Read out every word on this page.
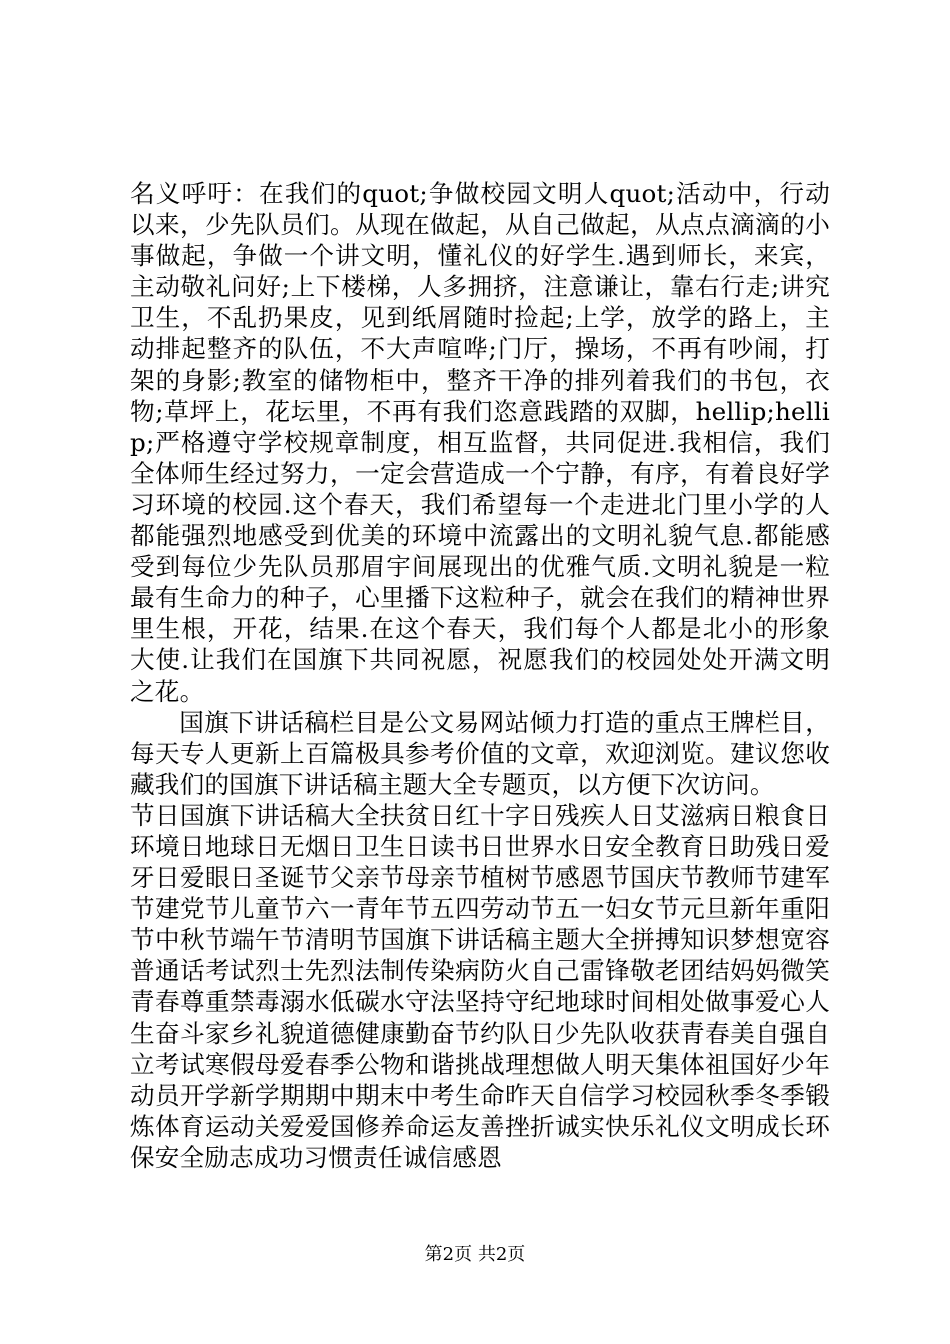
名义呼吁：在我们的quot;争做校园文明人quot;活动中，行动以来，少先队员们。从现在做起，从自己做起，从点点滴滴的小事做起，争做一个讲文明，懂礼仪的好学生.遇到师长，来宾，主动敬礼问好;上下楼梯，人多拥挤，注意谦让，靠右行走;讲究卫生，不乱扔果皮，见到纸屑随时捡起;上学，放学的路上，主动排起整齐的队伍，不大声喧哗;门厅，操场，不再有吵闹，打架的身影;教室的储物柜中，整齐干净的排列着我们的书包，衣物;草坪上，花坛里，不再有我们恣意践踏的双脚，hellip;hellip;严格遵守学校规章制度，相互监督，共同促进.我相信，我们全体师生经过努力，一定会营造成一个宁静，有序，有着良好学习环境的校园.这个春天，我们希望每一个走进北门里小学的人都能强烈地感受到优美的环境中流露出的文明礼貌气息.都能感受到每位少先队员那眉宇间展现出的优雅气质.文明礼貌是一粒最有生命力的种子，心里播下这粒种子，就会在我们的精神世界里生根，开花，结果.在这个春天，我们每个人都是北小的形象大使.让我们在国旗下共同祝愿，祝愿我们的校园处处开满文明之花。

国旗下讲话稿栏目是公文易网站倾力打造的重点王牌栏目，每天专人更新上百篇极具参考价值的文章，欢迎浏览。建议您收藏我们的国旗下讲话稿主题大全专题页，以方便下次访问。

节日国旗下讲话稿大全扶贫日红十字日残疾人日艾滋病日粮食日环境日地球日无烟日卫生日读书日世界水日安全教育日助残日爱牙日爱眼日圣诞节父亲节母亲节植树节感恩节国庆节教师节建军节建党节儿童节六一青年节五四劳动节五一妇女节元旦新年重阳节中秋节端午节清明节国旗下讲话稿主题大全拼搏知识梦想宽容普通话考试烈士先烈法制传染病防火自己雷锋敬老团结妈妈微笑青春尊重禁毒溺水低碳水守法坚持守纪地球时间相处做事爱心人生奋斗家乡礼貌道德健康勤奋节约队日少先队收获青春美自强自立考试寒假母爱春季公物和谐挑战理想做人明天集体祖国好少年动员开学新学期期中期末中考生命昨天自信学习校园秋季冬季锻炼体育运动关爱爱国修养命运友善挫折诚实快乐礼仪文明成长环保安全励志成功习惯责任诚信感恩

第2页 共2页
